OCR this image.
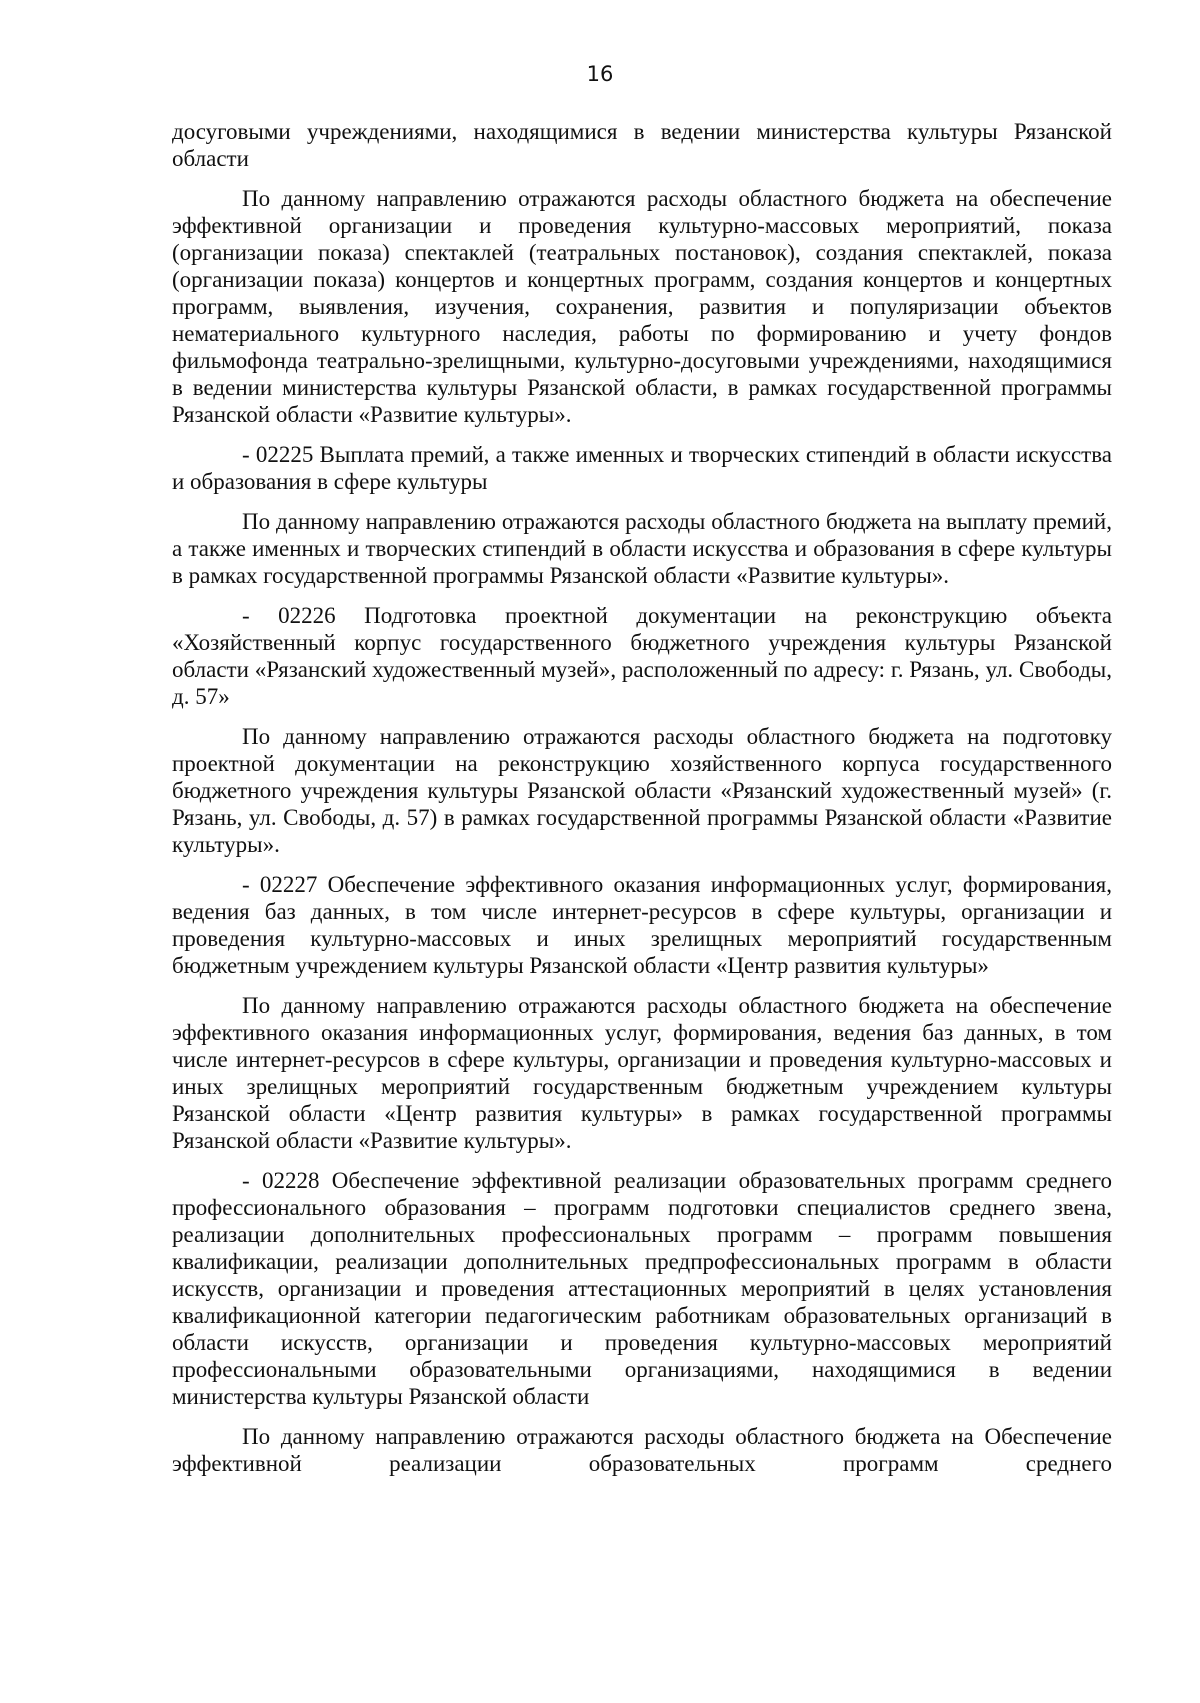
16

досуговыми учреждениями, находящимися в ведении министерства культуры Рязанской области

По данному направлению отражаются расходы областного бюджета на обеспечение эффективной организации и проведения культурно-массовых мероприятий, показа (организации показа) спектаклей (театральных постановок), создания спектаклей, показа (организации показа) концертов и концертных программ, создания концертов и концертных программ, выявления, изучения, сохранения, развития и популяризации объектов нематериального культурного наследия, работы по формированию и учету фондов фильмофонда театрально-зрелищными, культурно-досуговыми учреждениями, находящимися в ведении министерства культуры Рязанской области, в рамках государственной программы Рязанской области «Развитие культуры».

- 02225 Выплата премий, а также именных и творческих стипендий в области искусства и образования в сфере культуры

По данному направлению отражаются расходы областного бюджета на выплату премий, а также именных и творческих стипендий в области искусства и образования в сфере культуры в рамках государственной программы Рязанской области «Развитие культуры».

- 02226 Подготовка проектной документации на реконструкцию объекта «Хозяйственный корпус государственного бюджетного учреждения культуры Рязанской области «Рязанский художественный музей», расположенный по адресу: г. Рязань, ул. Свободы, д. 57»

По данному направлению отражаются расходы областного бюджета на подготовку проектной документации на реконструкцию хозяйственного корпуса государственного бюджетного учреждения культуры Рязанской области «Рязанский художественный музей» (г. Рязань, ул. Свободы, д. 57) в рамках государственной программы Рязанской области «Развитие культуры».

- 02227 Обеспечение эффективного оказания информационных услуг, формирования, ведения баз данных, в том числе интернет-ресурсов в сфере культуры, организации и проведения культурно-массовых и иных зрелищных мероприятий государственным бюджетным учреждением культуры Рязанской области «Центр развития культуры»

По данному направлению отражаются расходы областного бюджета на обеспечение эффективного оказания информационных услуг, формирования, ведения баз данных, в том числе интернет-ресурсов в сфере культуры, организации и проведения культурно-массовых и иных зрелищных мероприятий государственным бюджетным учреждением культуры Рязанской области «Центр развития культуры» в рамках государственной программы Рязанской области «Развитие культуры».

- 02228 Обеспечение эффективной реализации образовательных программ среднего профессионального образования – программ подготовки специалистов среднего звена, реализации дополнительных профессиональных программ – программ повышения квалификации, реализации дополнительных предпрофессиональных программ в области искусств, организации и проведения аттестационных мероприятий в целях установления квалификационной категории педагогическим работникам образовательных организаций в области искусств, организации и проведения культурно-массовых мероприятий профессиональными образовательными организациями, находящимися в ведении министерства культуры Рязанской области

По данному направлению отражаются расходы областного бюджета на Обеспечение эффективной реализации образовательных программ среднего
